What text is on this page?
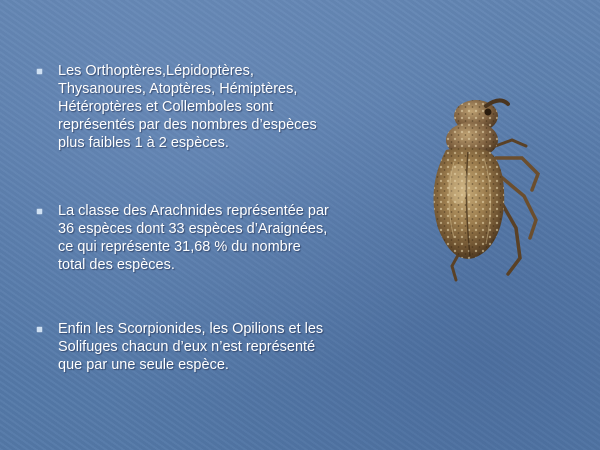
Les Orthoptères,Lépidoptères,
Thysanoures, Atoptères, Hémiptères,
Hétéroptères et Collemboles sont
représentés par des nombres d’espèces
plus faibles 1 à 2 espèces.
La classe des Arachnides représentée par
36 espèces dont 33 espèces d’Araignées,
ce qui représente 31,68 % du nombre
total des espèces.
Enfin les Scorpionides, les Opilions et les
Solifuges chacun d’eux n’est représenté
que par une seule espèce.
